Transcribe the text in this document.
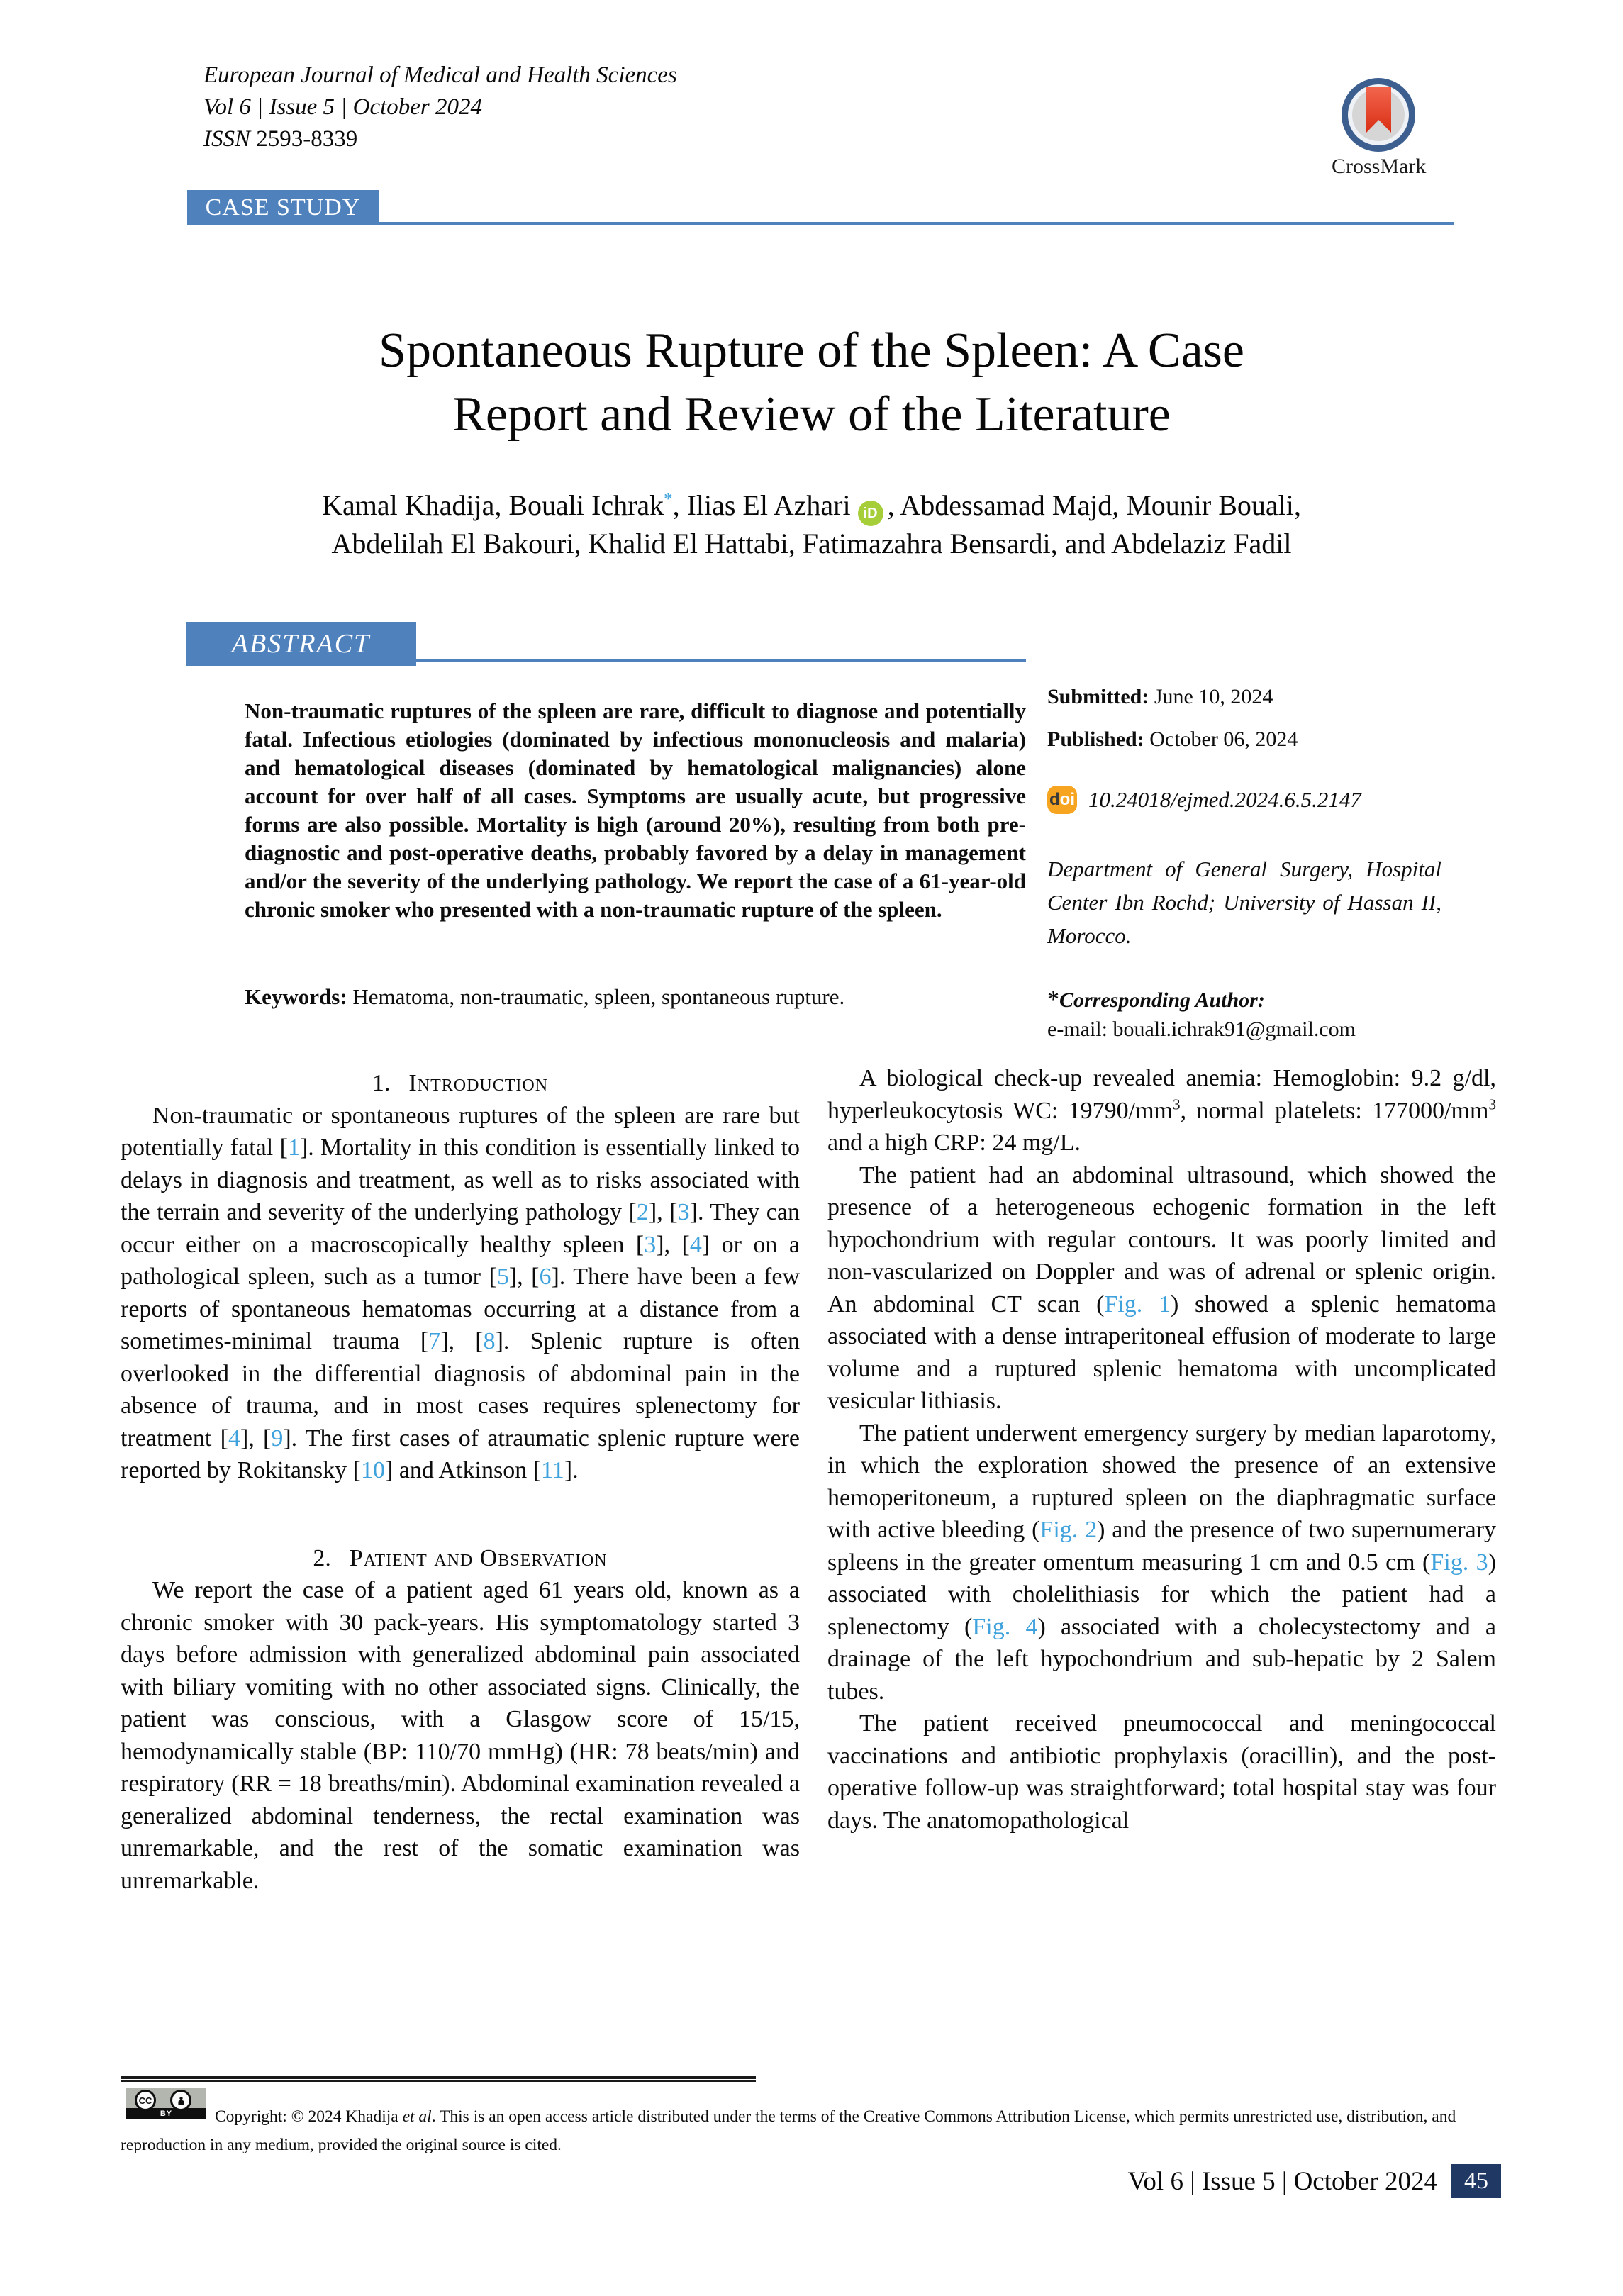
European Journal of Medical and Health Sciences
Vol 6 | Issue 5 | October 2024
ISSN 2593-8339
CrossMark
CASE STUDY
Spontaneous Rupture of the Spleen: A Case
Report and Review of the Literature
Kamal Khadija, Bouali Ichrak*, Ilias El Azhari iD , Abdessamad Majd, Mounir Bouali,
Abdelilah El Bakouri, Khalid El Hattabi, Fatimazahra Bensardi, and Abdelaziz Fadil
ABSTRACT
Non-traumatic ruptures of the spleen are rare, difficult to diagnose and potentially fatal. Infectious etiologies (dominated by infectious mononucleosis and malaria) and hematological diseases (dominated by hematological malignancies) alone account for over half of all cases. Symptoms are usually acute, but progressive forms are also possible. Mortality is high (around 20%), resulting from both pre-diagnostic and post-operative deaths, probably favored by a delay in management and/or the severity of the underlying pathology. We report the case of a 61-year-old chronic smoker who presented with a non-traumatic rupture of the spleen.
Keywords: Hematoma, non-traumatic, spleen, spontaneous rupture.
Submitted: June 10, 2024
Published: October 06, 2024
d oi 10.24018/ejmed.2024.6.5.2147
Department of General Surgery, Hospital Center Ibn Rochd; University of Hassan II, Morocco.
*Corresponding Author:
e-mail: bouali.ichrak91@gmail.com

1. Introduction

Non-traumatic or spontaneous ruptures of the spleen are rare but potentially fatal [1]. Mortality in this condition is essentially linked to delays in diagnosis and treatment, as well as to risks associated with the terrain and severity of the underlying pathology [2], [3]. They can occur either on a macroscopically healthy spleen [3], [4] or on a pathological spleen, such as a tumor [5], [6]. There have been a few reports of spontaneous hematomas occurring at a distance from a sometimes-minimal trauma [7], [8]. Splenic rupture is often overlooked in the differential diagnosis of abdominal pain in the absence of trauma, and in most cases requires splenectomy for treatment [4], [9]. The first cases of atraumatic splenic rupture were reported by Rokitansky [10] and Atkinson [11].

2. Patient and Observation

We report the case of a patient aged 61 years old, known as a chronic smoker with 30 pack-years. His symptomatology started 3 days before admission with generalized abdominal pain associated with biliary vomiting with no other associated signs. Clinically, the patient was conscious, with a Glasgow score of 15/15, hemodynamically stable (BP: 110/70 mmHg) (HR: 78 beats/min) and respiratory (RR = 18 breaths/min). Abdominal examination revealed a generalized abdominal tenderness, the rectal examination was unremarkable, and the rest of the somatic examination was unremarkable.

A biological check-up revealed anemia: Hemoglobin: 9.2 g/dl, hyperleukocytosis WC: $19790/mm^3$, normal platelets: $177000/mm^3$ and a high CRP: 24 mg/L.

The patient had an abdominal ultrasound, which showed the presence of a heterogeneous echogenic formation in the left hypochondrium with regular contours. It was poorly limited and non-vascularized on Doppler and was of adrenal or splenic origin. An abdominal CT scan (Fig. 1) showed a splenic hematoma associated with a dense intraperitoneal effusion of moderate to large volume and a ruptured splenic hematoma with uncomplicated vesicular lithiasis.

The patient underwent emergency surgery by median laparotomy, in which the exploration showed the presence of an extensive hemoperitoneum, a ruptured spleen on the diaphragmatic surface with active bleeding (Fig. 2) and the presence of two supernumerary spleens in the greater omentum measuring 1 cm and 0.5 cm (Fig. 3) associated with cholelithiasis for which the patient had a splenectomy (Fig. 4) associated with a cholecystectomy and a drainage of the left hypochondrium and sub-hepatic by 2 Salem tubes.

The patient received pneumococcal and meningococcal vaccinations and antibiotic prophylaxis (oracillin), and the post-operative follow-up was straightforward; total hospital stay was four days. The anatomopathological

BY
CC
Copyright: © 2024 Khadija et al. This is an open access article distributed under the terms of the Creative Commons Attribution License, which permits unrestricted use, distribution, and
reproduction in any medium, provided the original source is cited.
Vol 6 | Issue 5 | October 2024	45
